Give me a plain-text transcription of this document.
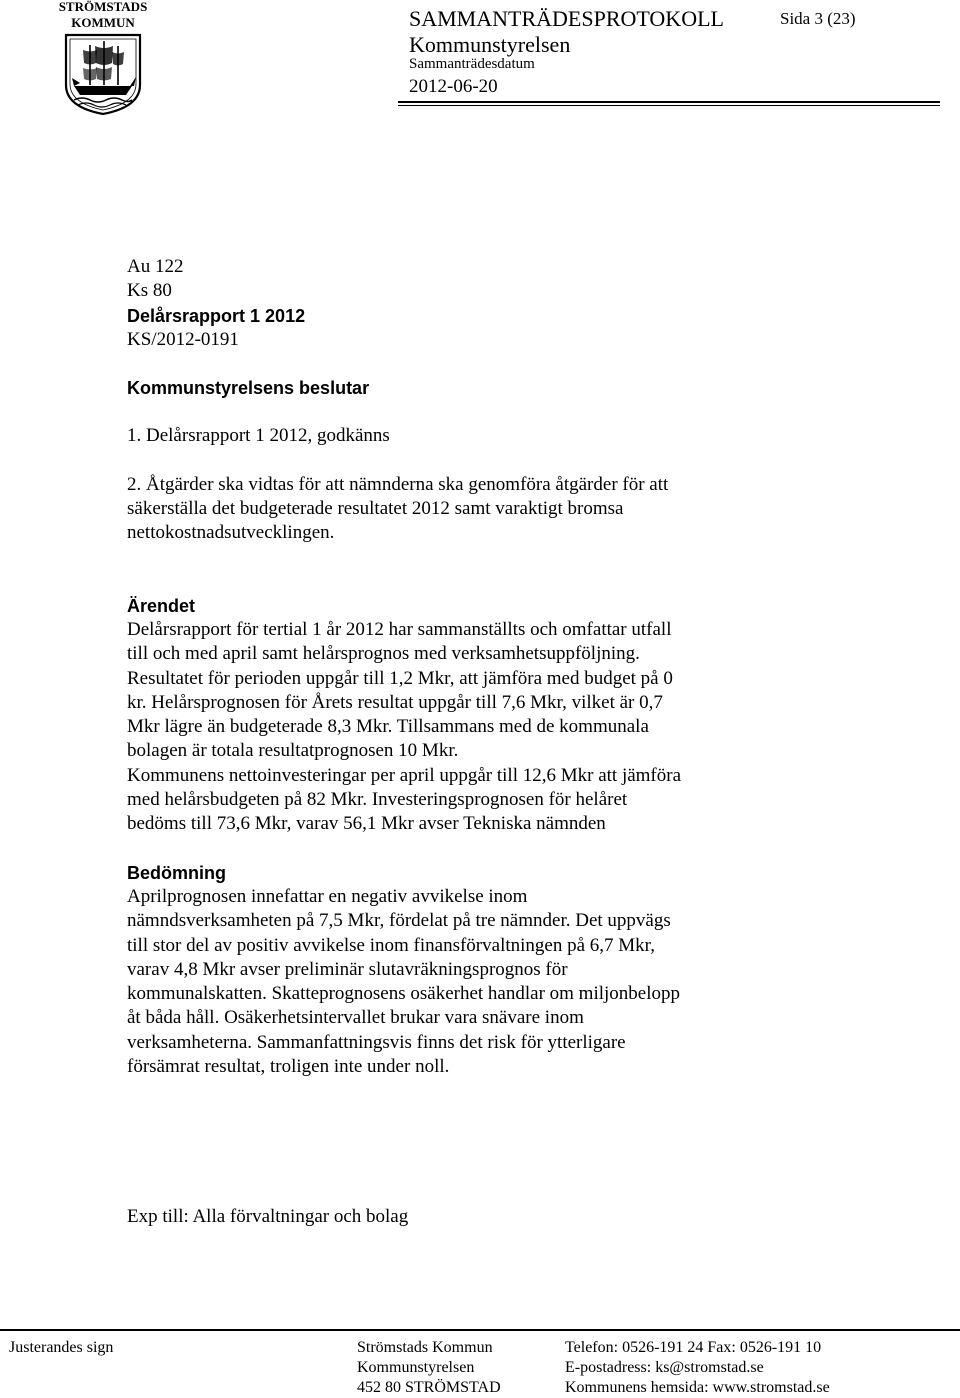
STRÖMSTADS
KOMMUN	SAMMANTRÄDESPROTOKOLL	Sida 3 (23)
Kommunstyrelsen
Sammanträdesdatum
2012-06-20

Au 122

Ks 80

Delårsrapport 1 2012

KS/2012-0191

Kommunstyrelsens beslutar

1. Delårsrapport 1 2012, godkänns

2. Åtgärder ska vidtas för att nämnderna ska genomföra åtgärder för att

säkerställa det budgeterade resultatet 2012 samt varaktigt bromsa

nettokostnadsutvecklingen.

Ärendet

Delårsrapport för tertial 1 år 2012 har sammanställts och omfattar utfall

till och med april samt helårsprognos med verksamhetsuppföljning.

Resultatet för perioden uppgår till 1,2 Mkr, att jämföra med budget på 0

kr. Helårsprognosen för Årets resultat uppgår till 7,6 Mkr, vilket är 0,7

Mkr lägre än budgeterade 8,3 Mkr. Tillsammans med de kommunala

bolagen är totala resultatprognosen 10 Mkr.

Kommunens nettoinvesteringar per april uppgår till 12,6 Mkr att jämföra

med helårsbudgeten på 82 Mkr. Investeringsprognosen för helåret

bedöms till 73,6 Mkr, varav 56,1 Mkr avser Tekniska nämnden

Bedömning

Aprilprognosen innefattar en negativ avvikelse inom

nämndsverksamheten på 7,5 Mkr, fördelat på tre nämnder. Det uppvägs

till stor del av positiv avvikelse inom finansförvaltningen på 6,7 Mkr,

varav 4,8 Mkr avser preliminär slutavräkningsprognos för

kommunalskatten. Skatteprognosens osäkerhet handlar om miljonbelopp

åt båda håll. Osäkerhetsintervallet brukar vara snävare inom

verksamheterna. Sammanfattningsvis finns det risk för ytterligare

försämrat resultat, troligen inte under noll.

Exp till: Alla förvaltningar och bolag
Justerandes sign	Strömstads Kommun
Kommunstyrelsen
452 80 STRÖMSTAD
Telefon: 0526-191 24 Fax: 0526-191 10
E-postadress: ks@stromstad.se
Kommunens hemsida: www.stromstad.se
